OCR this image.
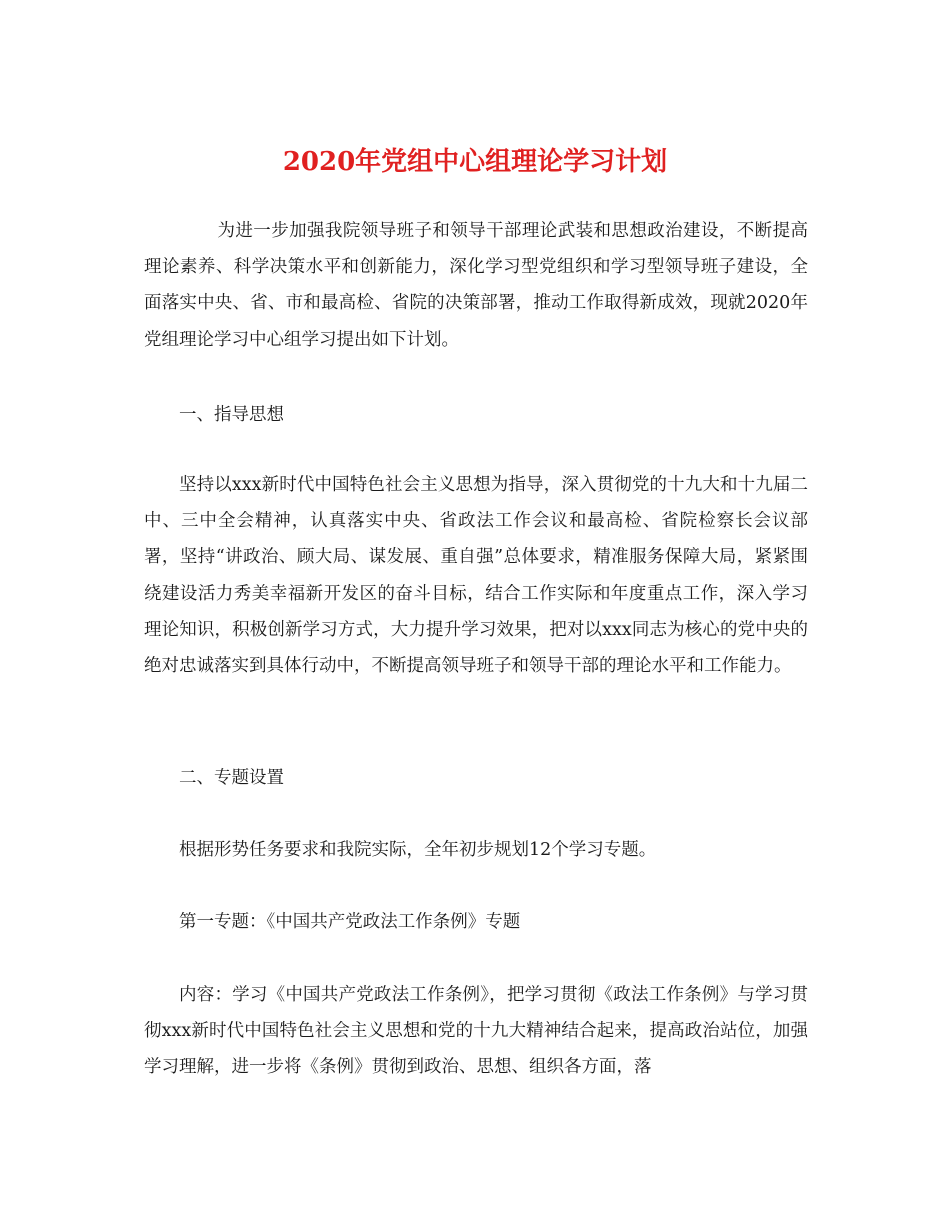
2020年党组中心组理论学习计划
为进一步加强我院领导班子和领导干部理论武装和思想政治建设，不断提高理论素养、科学决策水平和创新能力，深化学习型党组织和学习型领导班子建设，全面落实中央、省、市和最高检、省院的决策部署，推动工作取得新成效，现就2020年党组理论学习中心组学习提出如下计划。
一、指导思想
坚持以xxx新时代中国特色社会主义思想为指导，深入贯彻党的十九大和十九届二中、三中全会精神，认真落实中央、省政法工作会议和最高检、省院检察长会议部署，坚持“讲政治、顾大局、谋发展、重自强”总体要求，精准服务保障大局，紧紧围绕建设活力秀美幸福新开发区的奋斗目标，结合工作实际和年度重点工作，深入学习理论知识，积极创新学习方式，大力提升学习效果，把对以xxx同志为核心的党中央的绝对忠诚落实到具体行动中，不断提高领导班子和领导干部的理论水平和工作能力。
二、专题设置
根据形势任务要求和我院实际，全年初步规划12个学习专题。
第一专题：《中国共产党政法工作条例》专题
内容：学习《中国共产党政法工作条例》，把学习贯彻《政法工作条例》与学习贯彻xxx新时代中国特色社会主义思想和党的十九大精神结合起来，提高政治站位，加强学习理解，进一步将《条例》贯彻到政治、思想、组织各方面，落
